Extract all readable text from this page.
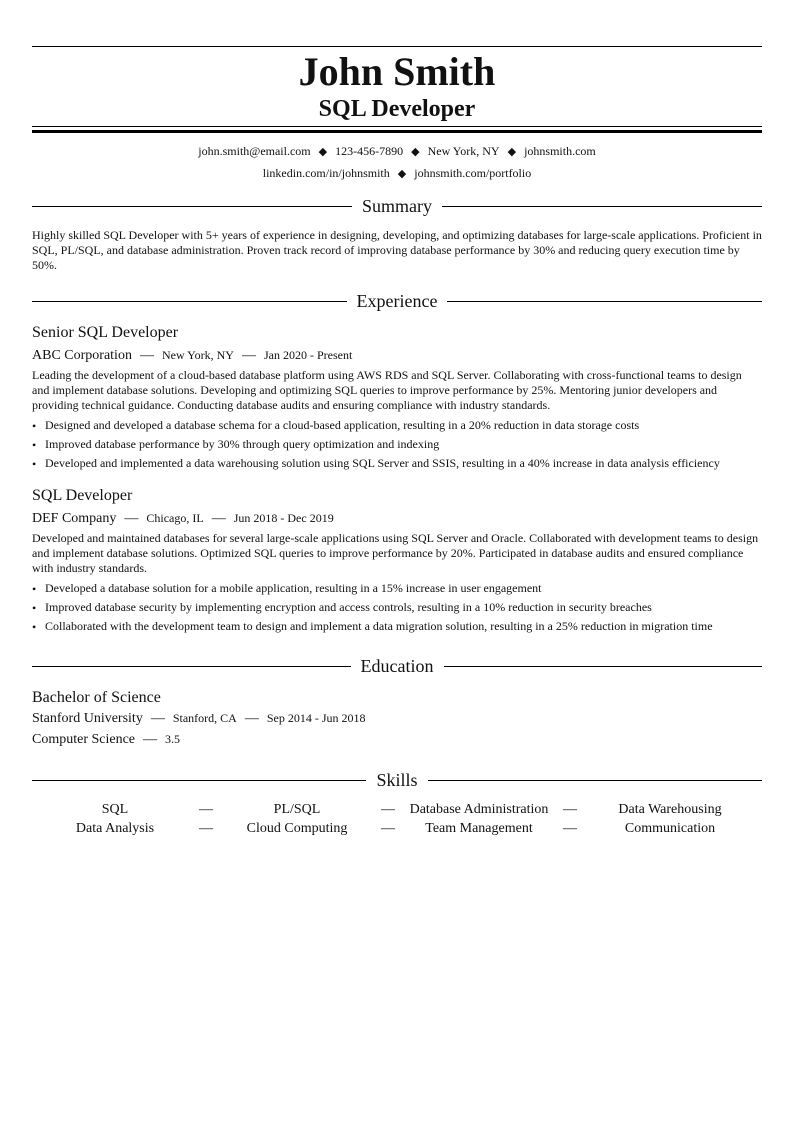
John Smith
SQL Developer
john.smith@email.com ◆ 123-456-7890 ◆ New York, NY ◆ johnsmith.com
linkedin.com/in/johnsmith ◆ johnsmith.com/portfolio
Summary
Highly skilled SQL Developer with 5+ years of experience in designing, developing, and optimizing databases for large-scale applications. Proficient in SQL, PL/SQL, and database administration. Proven track record of improving database performance by 30% and reducing query execution time by 50%.
Experience
Senior SQL Developer
ABC Corporation — New York, NY — Jan 2020 - Present
Leading the development of a cloud-based database platform using AWS RDS and SQL Server. Collaborating with cross-functional teams to design and implement database solutions. Developing and optimizing SQL queries to improve performance by 25%. Mentoring junior developers and providing technical guidance. Conducting database audits and ensuring compliance with industry standards.
• Designed and developed a database schema for a cloud-based application, resulting in a 20% reduction in data storage costs
• Improved database performance by 30% through query optimization and indexing
• Developed and implemented a data warehousing solution using SQL Server and SSIS, resulting in a 40% increase in data analysis efficiency
SQL Developer
DEF Company — Chicago, IL — Jun 2018 - Dec 2019
Developed and maintained databases for several large-scale applications using SQL Server and Oracle. Collaborated with development teams to design and implement database solutions. Optimized SQL queries to improve performance by 20%. Participated in database audits and ensured compliance with industry standards.
• Developed a database solution for a mobile application, resulting in a 15% increase in user engagement
• Improved database security by implementing encryption and access controls, resulting in a 10% reduction in security breaches
• Collaborated with the development team to design and implement a data migration solution, resulting in a 25% reduction in migration time
Education
Bachelor of Science
Stanford University — Stanford, CA — Sep 2014 - Jun 2018
Computer Science — 3.5
Skills
SQL	—	PL/SQL	—	Database Administration	—	Data Warehousing
Data Analysis	—	Cloud Computing	—	Team Management	—	Communication
